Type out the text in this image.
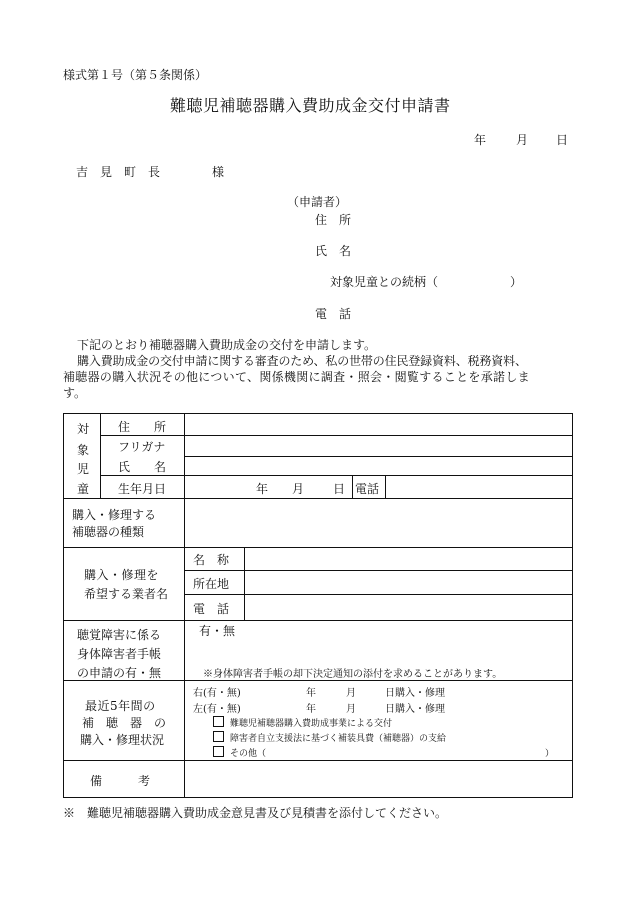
様式第１号（第５条関係）
難聴児補聴器購入費助成金交付申請書
年 月 日
吉　見　町　長	様
（申請者）
住　所
氏　名
対象児童との続柄（　　　　　　）
電　話
下記のとおり補聴器購入費助成金の交付を申請します。
購入費助成金の交付申請に関する審査のため、私の世帯の住民登録資料、税務資料、
補聴器の購入状況その他について、関係機関に調査・照会・閲覧することを承諾しま
す。
対
象
児
童
住　　所
フリガナ
氏　　名
生年月日	年 月 日 電話
購入・修理する
補聴器の種類
購入・修理を
希望する業者名
名　称
所在地
電　話
聴覚障害に係る
身体障害者手帳
の申請の有・無
有・無
※身体障害者手帳の却下決定通知の添付を求めることがあります。
最近5年間の
補　聴　器　の
購入・修理状況
右(有・無)	年	月	日購入・修理
左(有・無)	年	月	日購入・修理
難聴児補聴器購入費助成事業による交付
障害者自立支援法に基づく補装具費（補聴器）の支給
その他（	）
備　　　考
※　難聴児補聴器購入費助成金意見書及び見積書を添付してください。
